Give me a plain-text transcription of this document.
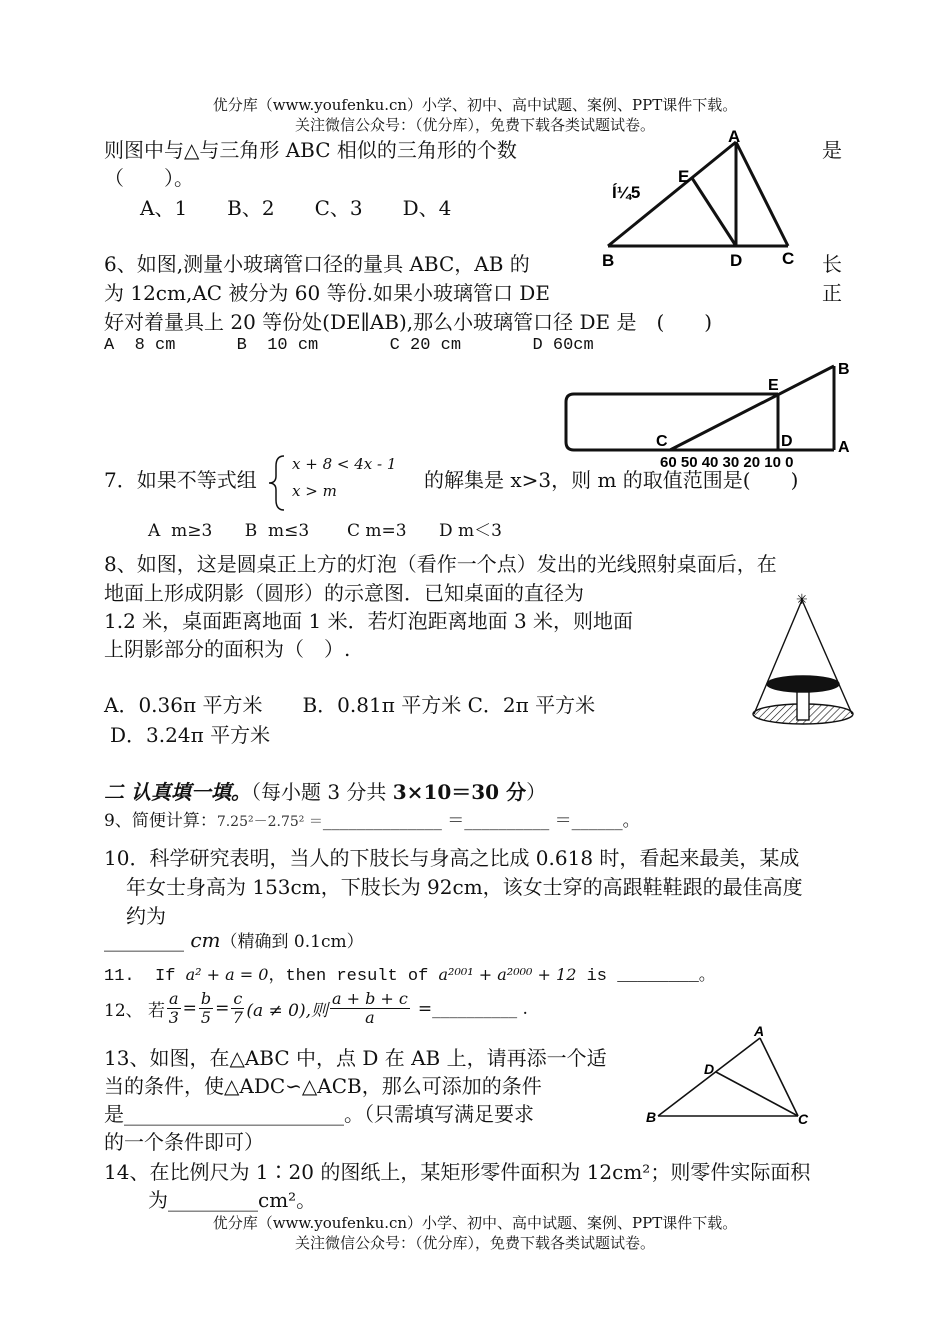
优分库（www.youfenku.cn）小学、初中、高中试题、案例、PPT课件下载。
关注微信公众号：（优分库），免费下载各类试题试卷。
则图中与△与三角形 ABC 相似的三角形的个数	是
（　　）。
A、1　　B、2　　C、3　　D、4
A
E
Í¼5
B	D C
6、如图,测量小玻璃管口径的量具 ABC，AB 的	长
为 12cm,AC 被分为 60 等份.如果小玻璃管口 DE	正
好对着量具上 20 等份处(DE∥AB),那么小玻璃管口径 DE 是　(　　)
A  8 cm      B  10 cm       C 20 cm       D 60cm
B
E
C	D	A
60 50 40 30 20 10 0
7．如果不等式组
x + 8 < 4x - 1
x > m	的解集是 x>3，则 m 的取值范围是(　　)
A  m≥3      B  m≤3       C m=3      D m＜3
8、如图，这是圆桌正上方的灯泡（看作一个点）发出的光线照射桌面后，在
地面上形成阴影（圆形）的示意图．已知桌面的直径为
1.2 米，桌面距离地面 1 米．若灯泡距离地面 3 米，则地面
上阴影部分的面积为（　）.
A．0.36π 平方米　　B．0.81π 平方米 C．2π 平方米
D．3.24π 平方米
✳
二 认真填一填。（每小题 3 分共 3×10＝30 分）
9、简便计算：7.25²－2.75² ＝______________ ＝__________ ＝______。
10．科学研究表明，当人的下肢长与身高之比成 0.618 时，看起来最美，某成
年女士身高为 153cm，下肢长为 92cm，该女士穿的高跟鞋鞋跟的最佳高度
约为
________ cm（精确到 0.1cm）
11.  If a² + a = 0，then result of a²⁰⁰¹ + a²⁰⁰⁰ + 12 is ________。
12、 若 $\frac{a}{3} = \frac{b}{5} = \frac{c}{7} (a \ne 0)$,则 $\frac{a + b + c}{a}$ =__________ .
13、如图，在△ABC 中，点 D 在 AB 上，请再添一个适
当的条件，使△ADC∽△ACB，那么可添加的条件
是______________________。（只需填写满足要求
的一个条件即可）
A
D
B	C
14、在比例尺为 1∶20 的图纸上，某矩形零件面积为 12cm²；则零件实际面积
为_________cm²。
优分库（www.youfenku.cn）小学、初中、高中试题、案例、PPT课件下载。
关注微信公众号：（优分库），免费下载各类试题试卷。
